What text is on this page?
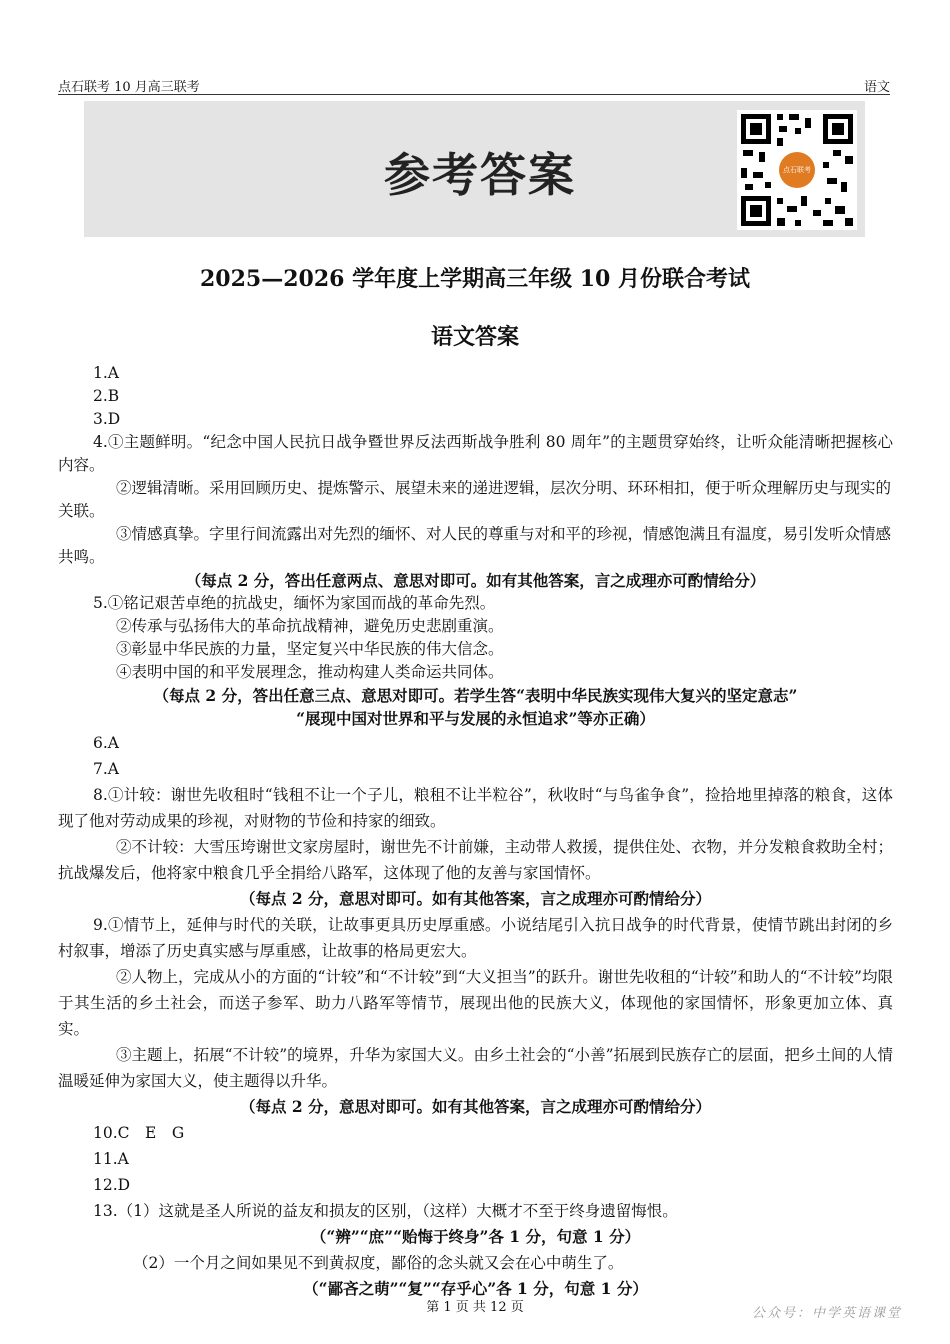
点石联考 10 月高三联考	语文
参考答案	点石联考
2025—2026 学年度上学期高三年级 10 月份联合考试
语文答案

1.A

2.B

3.D

4.①主题鲜明。“纪念中国人民抗日战争暨世界反法西斯战争胜利 80 周年”的主题贯穿始终，让听众能清晰把握核心内容。

②逻辑清晰。采用回顾历史、提炼警示、展望未来的递进逻辑，层次分明、环环相扣，便于听众理解历史与现实的关联。

③情感真挚。字里行间流露出对先烈的缅怀、对人民的尊重与对和平的珍视，情感饱满且有温度，易引发听众情感共鸣。

（每点 2 分，答出任意两点、意思对即可。如有其他答案，言之成理亦可酌情给分）

5.①铭记艰苦卓绝的抗战史，缅怀为家国而战的革命先烈。

②传承与弘扬伟大的革命抗战精神，避免历史悲剧重演。

③彰显中华民族的力量，坚定复兴中华民族的伟大信念。

④表明中国的和平发展理念，推动构建人类命运共同体。

（每点 2 分，答出任意三点、意思对即可。若学生答“表明中华民族实现伟大复兴的坚定意志”

“展现中国对世界和平与发展的永恒追求”等亦正确）

6.A

7.A

8.①计较：谢世先收租时“钱租不让一个子儿，粮租不让半粒谷”，秋收时“与鸟雀争食”，捡拾地里掉落的粮食，这体现了他对劳动成果的珍视，对财物的节俭和持家的细致。

②不计较：大雪压垮谢世文家房屋时，谢世先不计前嫌，主动带人救援，提供住处、衣物，并分发粮食救助全村；抗战爆发后，他将家中粮食几乎全捐给八路军，这体现了他的友善与家国情怀。

（每点 2 分，意思对即可。如有其他答案，言之成理亦可酌情给分）

9.①情节上，延伸与时代的关联，让故事更具历史厚重感。小说结尾引入抗日战争的时代背景，使情节跳出封闭的乡村叙事，增添了历史真实感与厚重感，让故事的格局更宏大。

②人物上，完成从小的方面的“计较”和“不计较”到“大义担当”的跃升。谢世先收租的“计较”和助人的“不计较”均限于其生活的乡土社会，而送子参军、助力八路军等情节，展现出他的民族大义，体现他的家国情怀，形象更加立体、真实。

③主题上，拓展“不计较”的境界，升华为家国大义。由乡土社会的“小善”拓展到民族存亡的层面，把乡土间的人情温暖延伸为家国大义，使主题得以升华。

（每点 2 分，意思对即可。如有其他答案，言之成理亦可酌情给分）

10.C　E　G

11.A

12.D

13.（1）这就是圣人所说的益友和损友的区别，（这样）大概才不至于终身遗留悔恨。

（“辨”“庶”“贻悔于终身”各 1 分，句意 1 分）

（2）一个月之间如果见不到黄叔度，鄙俗的念头就又会在心中萌生了。

（“鄙吝之萌”“复”“存乎心”各 1 分，句意 1 分）

第 1 页 共 12 页	公众号：中学英语课堂
